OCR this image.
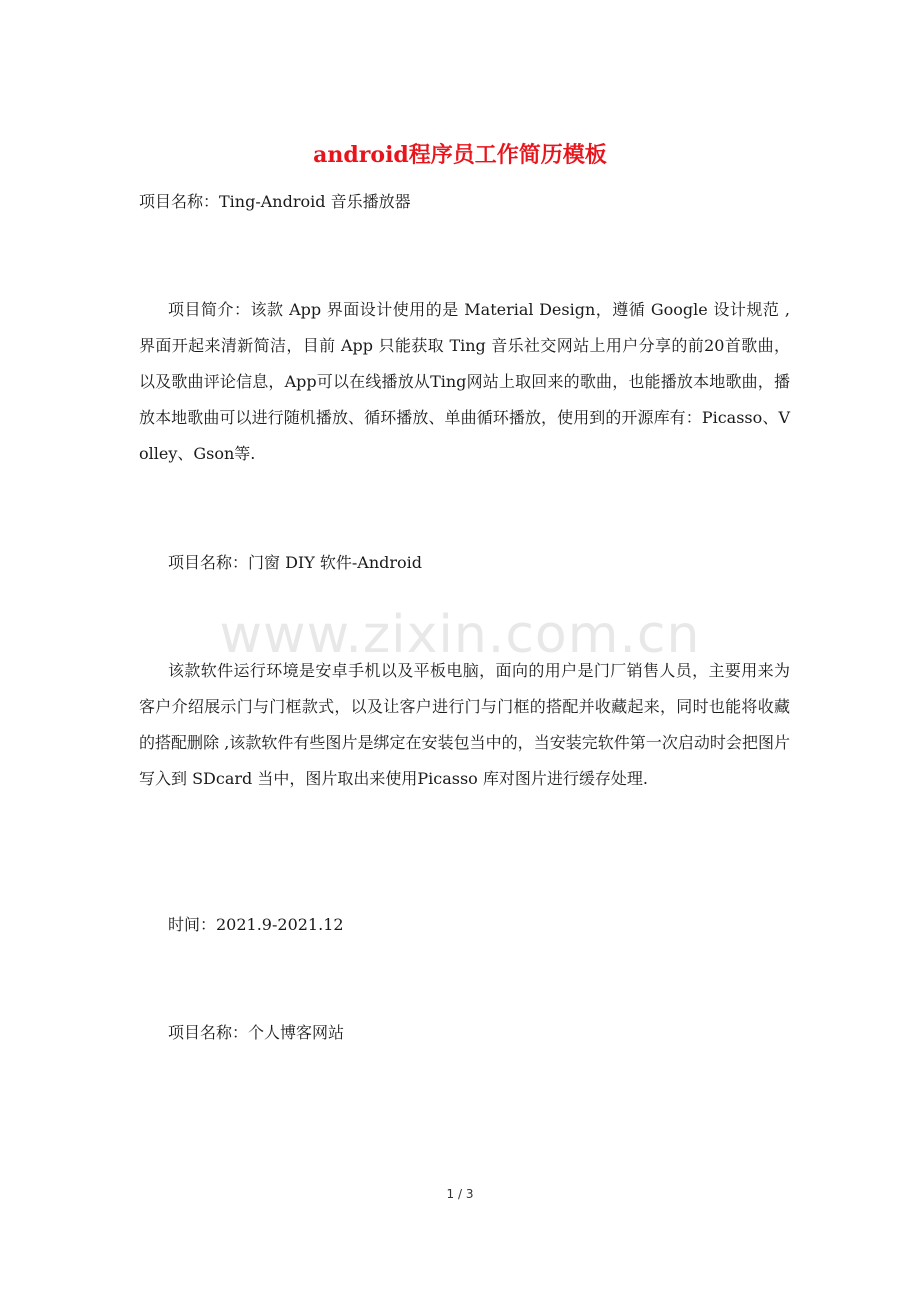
android程序员工作简历模板

项目名称：Ting-Android 音乐播放器

项目简介：该款 App 界面设计使用的是 Material Design，遵循 Google 设计规范 , 界面开起来清新简洁，目前 App 只能获取 Ting 音乐社交网站上用户分享的前20首歌曲，以及歌曲评论信息，App可以在线播放从Ting网站上取回来的歌曲，也能播放本地歌曲，播放本地歌曲可以进行随机播放、循环播放、单曲循环播放，使用到的开源库有：Picasso、Volley、Gson等.

项目名称：门窗 DIY 软件-Android

该款软件运行环境是安卓手机以及平板电脑，面向的用户是门厂销售人员，主要用来为客户介绍展示门与门框款式，以及让客户进行门与门框的搭配并收藏起来，同时也能将收藏的搭配删除 ,该款软件有些图片是绑定在安装包当中的，当安装完软件第一次启动时会把图片写入到 SDcard 当中，图片取出来使用Picasso 库对图片进行缓存处理.

时间：2021.9-2021.12

项目名称：个人博客网站

www.zixin.com.cn
1 / 3
